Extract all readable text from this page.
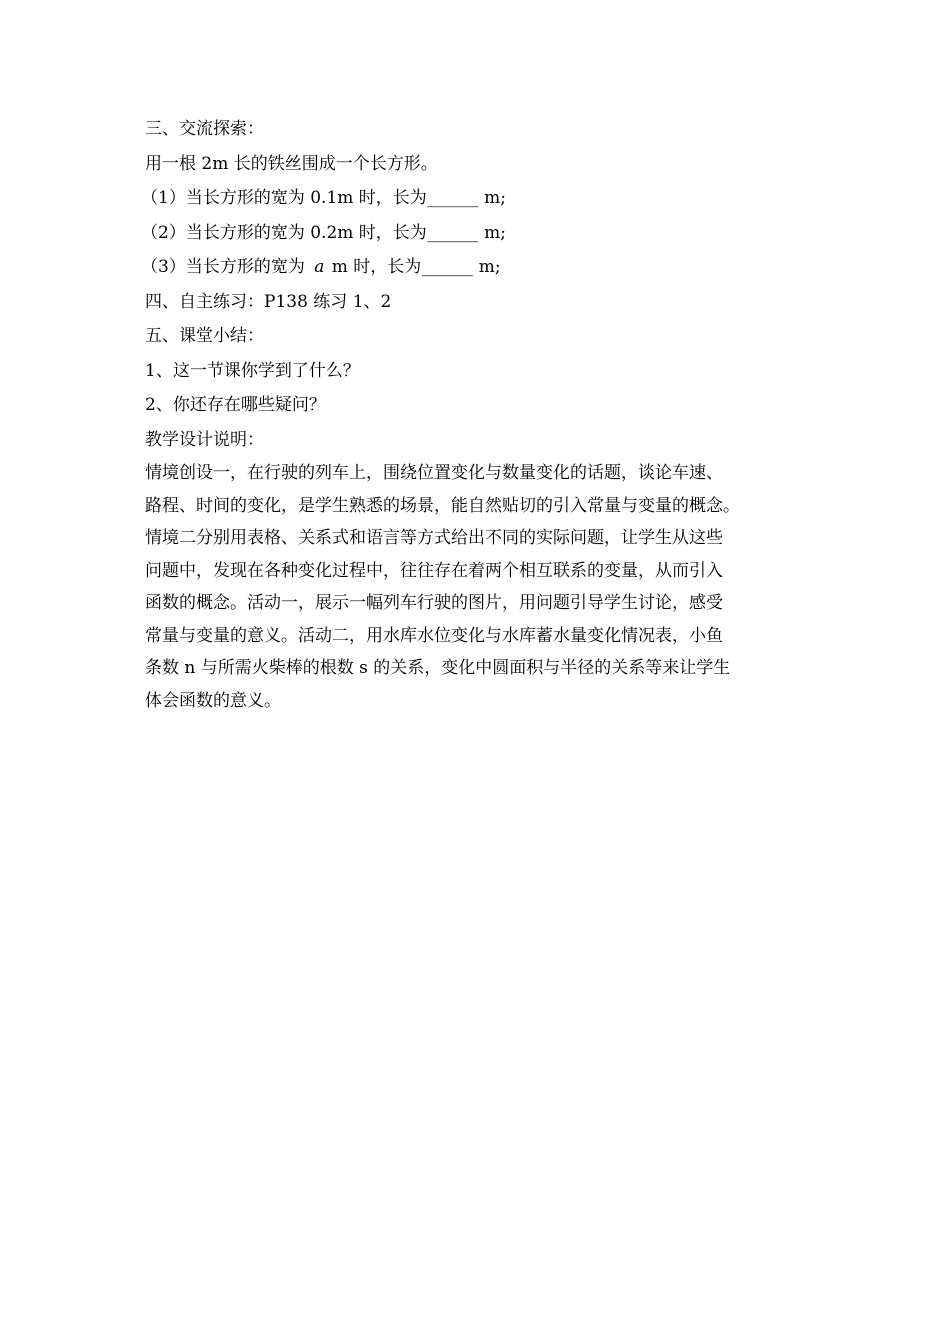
三、交流探索：
用一根 2m 长的铁丝围成一个长方形。
（1）当长方形的宽为 0.1m 时，长为______ m;
（2）当长方形的宽为 0.2m 时，长为______ m;
（3）当长方形的宽为 a m 时，长为______ m;
四、自主练习：P138 练习 1、2
五、课堂小结：
1、这一节课你学到了什么？
2、你还存在哪些疑问？
教学设计说明：
情境创设一，在行驶的列车上，围绕位置变化与数量变化的话题，谈论车速、
路程、时间的变化，是学生熟悉的场景，能自然贴切的引入常量与变量的概念。
情境二分别用表格、关系式和语言等方式给出不同的实际问题，让学生从这些
问题中，发现在各种变化过程中，往往存在着两个相互联系的变量，从而引入
函数的概念。活动一，展示一幅列车行驶的图片，用问题引导学生讨论，感受
常量与变量的意义。活动二，用水库水位变化与水库蓄水量变化情况表，小鱼
条数 n 与所需火柴棒的根数 s 的关系，变化中圆面积与半径的关系等来让学生
体会函数的意义。
